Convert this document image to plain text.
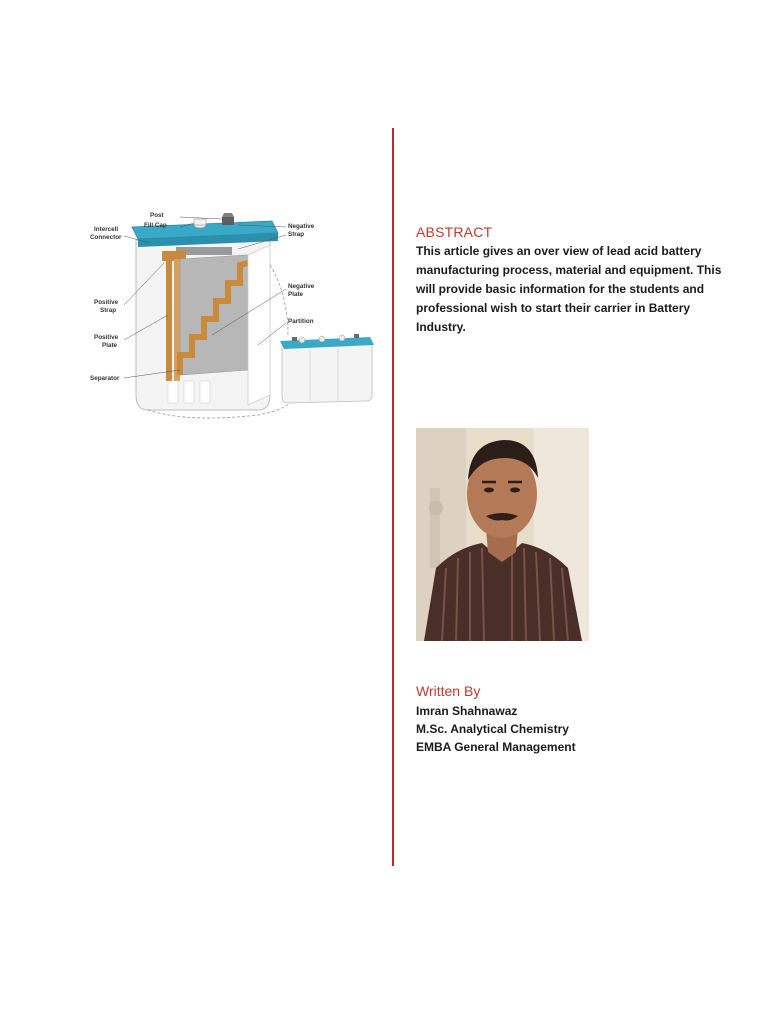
Post
Fill Cap
Intercell
Connector
Negative
Strap
Negative
Plate
Partition
Positive
Strap
Positive
Plate
Separator
ABSTRACT
This article gives an over view of lead acid battery
manufacturing process, material and equipment. This
will provide basic information for the students and
professional wish to start their carrier in Battery
Industry.
Written By
Imran Shahnawaz
M.Sc. Analytical Chemistry
EMBA General Management
